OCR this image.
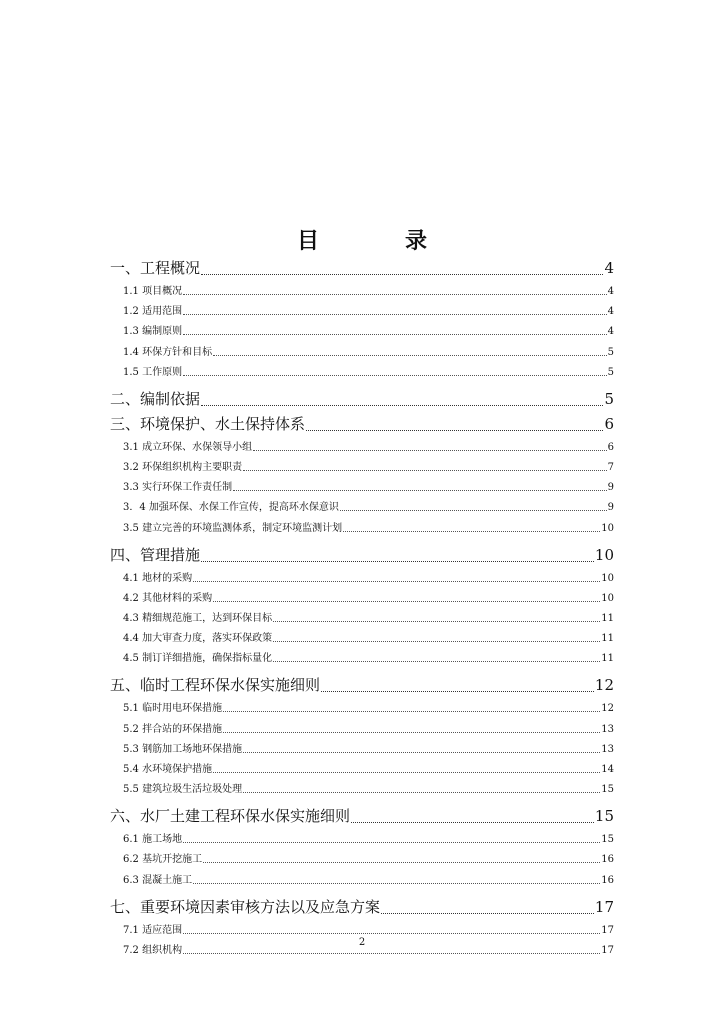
目　录
一、工程概况	4
1.1 项目概况	4
1.2 适用范围	4
1.3 编制原则	4
1.4 环保方针和目标	5
1.5 工作原则	5
二、编制依据	5
三、环境保护、水土保持体系	6
3.1 成立环保、水保领导小组	6
3.2 环保组织机构主要职责	7
3.3 实行环保工作责任制	9
3．4 加强环保、水保工作宣传，提高环水保意识	9
3.5 建立完善的环境监测体系，制定环境监测计划	10
四、管理措施	10
4.1 地材的采购	10
4.2 其他材料的采购	10
4.3 精细规范施工，达到环保目标	11
4.4 加大审查力度，落实环保政策	11
4.5 制订详细措施，确保指标量化	11
五、临时工程环保水保实施细则	12
5.1 临时用电环保措施	12
5.2 拌合站的环保措施	13
5.3 钢筋加工场地环保措施	13
5.4 水环境保护措施	14
5.5 建筑垃圾生活垃圾处理	15
六、水厂土建工程环保水保实施细则	15
6.1 施工场地	15
6.2 基坑开挖施工	16
6.3 混凝土施工	16
七、重要环境因素审核方法以及应急方案	17
7.1 适应范围	17
7.2 组织机构	17
2
